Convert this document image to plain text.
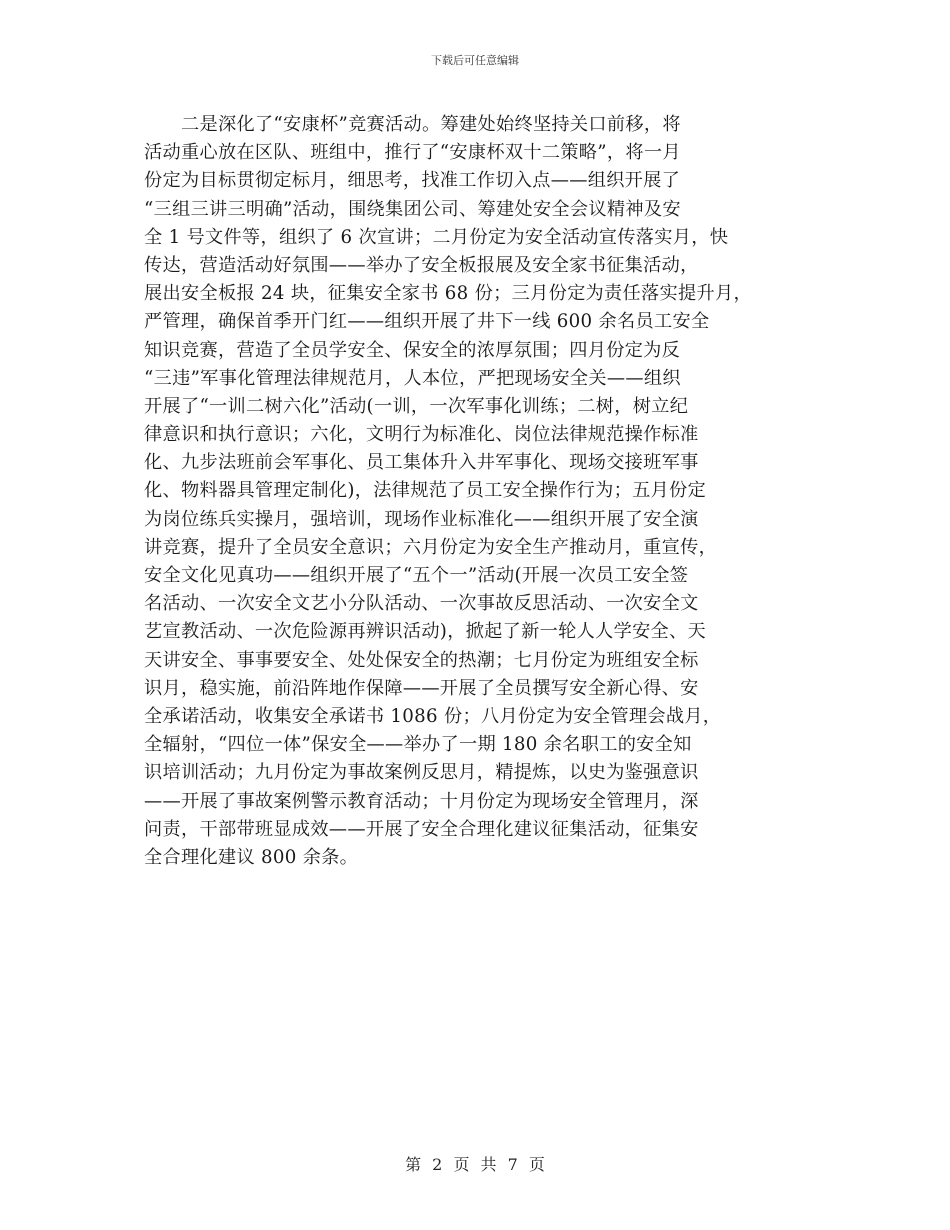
下载后可任意编辑
　　二是深化了“安康杯”竞赛活动。筹建处始终坚持关口前移，将
活动重心放在区队、班组中，推行了“安康杯双十二策略”，将一月
份定为目标贯彻定标月，细思考，找准工作切入点——组织开展了
“三组三讲三明确”活动，围绕集团公司、筹建处安全会议精神及安
全 1 号文件等，组织了 6 次宣讲；二月份定为安全活动宣传落实月，快
传达，营造活动好氛围——举办了安全板报展及安全家书征集活动，
展出安全板报 24 块，征集安全家书 68 份；三月份定为责任落实提升月，
严管理，确保首季开门红——组织开展了井下一线 600 余名员工安全
知识竞赛，营造了全员学安全、保安全的浓厚氛围；四月份定为反
“三违”军事化管理法律规范月，人本位，严把现场安全关——组织
开展了“一训二树六化”活动(一训，一次军事化训练；二树，树立纪
律意识和执行意识；六化，文明行为标准化、岗位法律规范操作标准
化、九步法班前会军事化、员工集体升入井军事化、现场交接班军事
化、物料器具管理定制化)，法律规范了员工安全操作行为；五月份定
为岗位练兵实操月，强培训，现场作业标准化——组织开展了安全演
讲竞赛，提升了全员安全意识；六月份定为安全生产推动月，重宣传，
安全文化见真功——组织开展了“五个一”活动(开展一次员工安全签
名活动、一次安全文艺小分队活动、一次事故反思活动、一次安全文
艺宣教活动、一次危险源再辨识活动)，掀起了新一轮人人学安全、天
天讲安全、事事要安全、处处保安全的热潮；七月份定为班组安全标
识月，稳实施，前沿阵地作保障——开展了全员撰写安全新心得、安
全承诺活动，收集安全承诺书 1086 份；八月份定为安全管理会战月，
全辐射，“四位一体”保安全——举办了一期 180 余名职工的安全知
识培训活动；九月份定为事故案例反思月，精提炼，以史为鉴强意识
——开展了事故案例警示教育活动；十月份定为现场安全管理月，深
问责，干部带班显成效——开展了安全合理化建议征集活动，征集安
全合理化建议 800 余条。
第 2 页 共 7 页
